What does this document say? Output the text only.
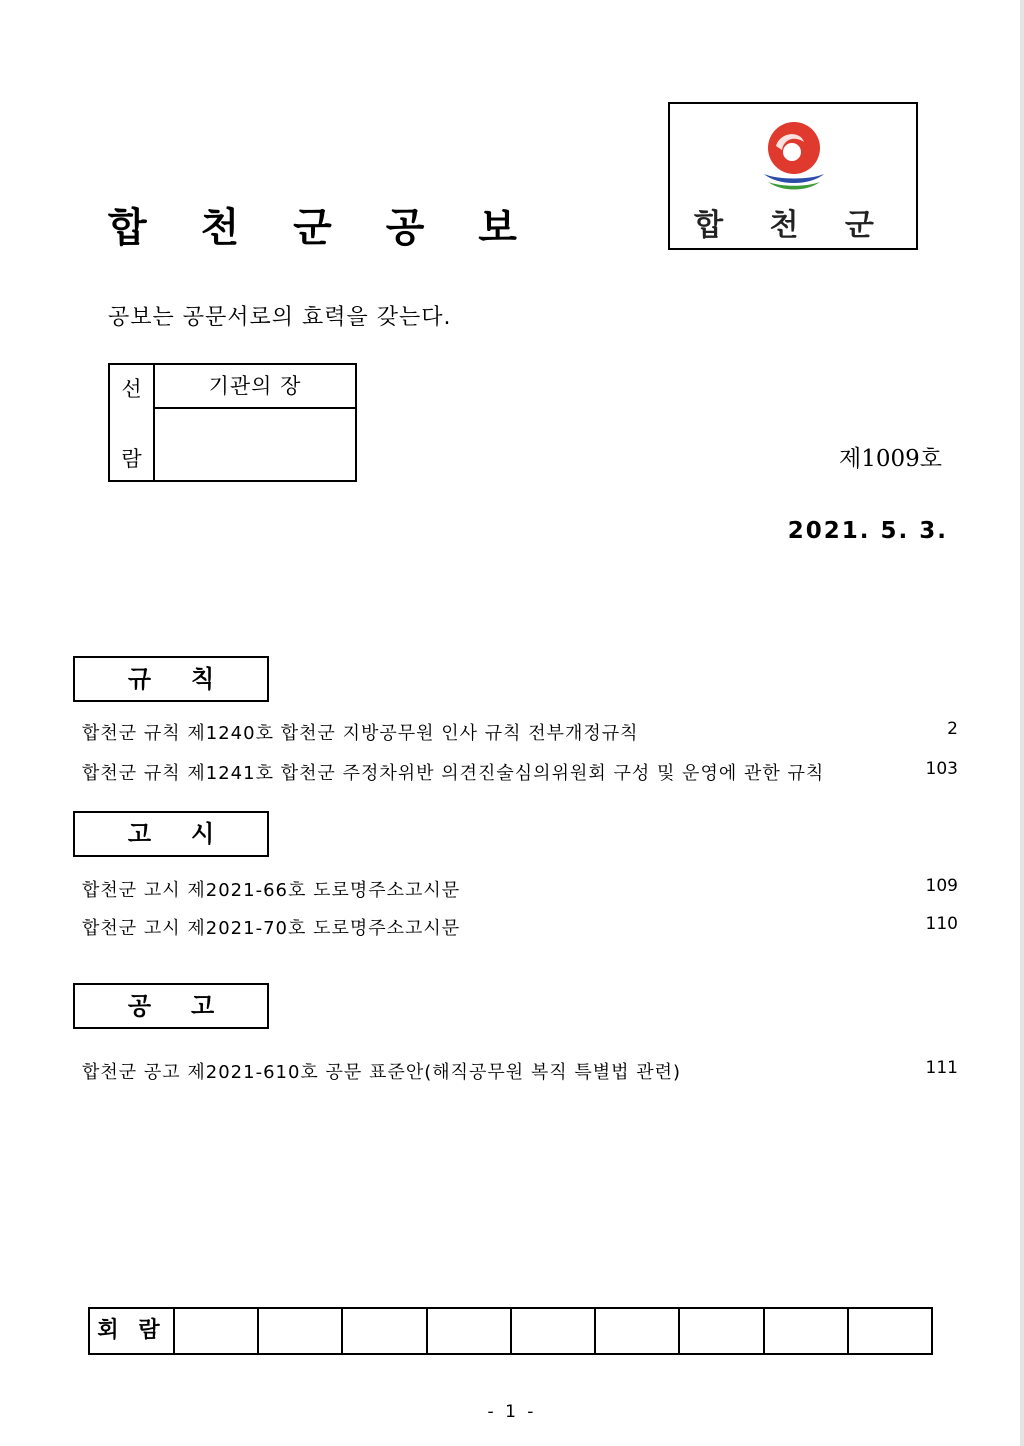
합 천 군 공 보	합 천 군
공보는 공문서로의 효력을 갖는다.
선
람
기관의 장
제1009호
2021. 5. 3.
규칙
합천군 규칙 제1240호 합천군 지방공무원 인사 규칙 전부개정규칙	2
합천군 규칙 제1241호 합천군 주정차위반 의견진술심의위원회 구성 및 운영에 관한 규칙	103
고시
합천군 고시 제2021-66호 도로명주소고시문	109
합천군 고시 제2021-70호 도로명주소고시문	110
공고
합천군 공고 제2021-610호 공문 표준안(해직공무원 복직 특별법 관련)	111
회 람
- 1 -
